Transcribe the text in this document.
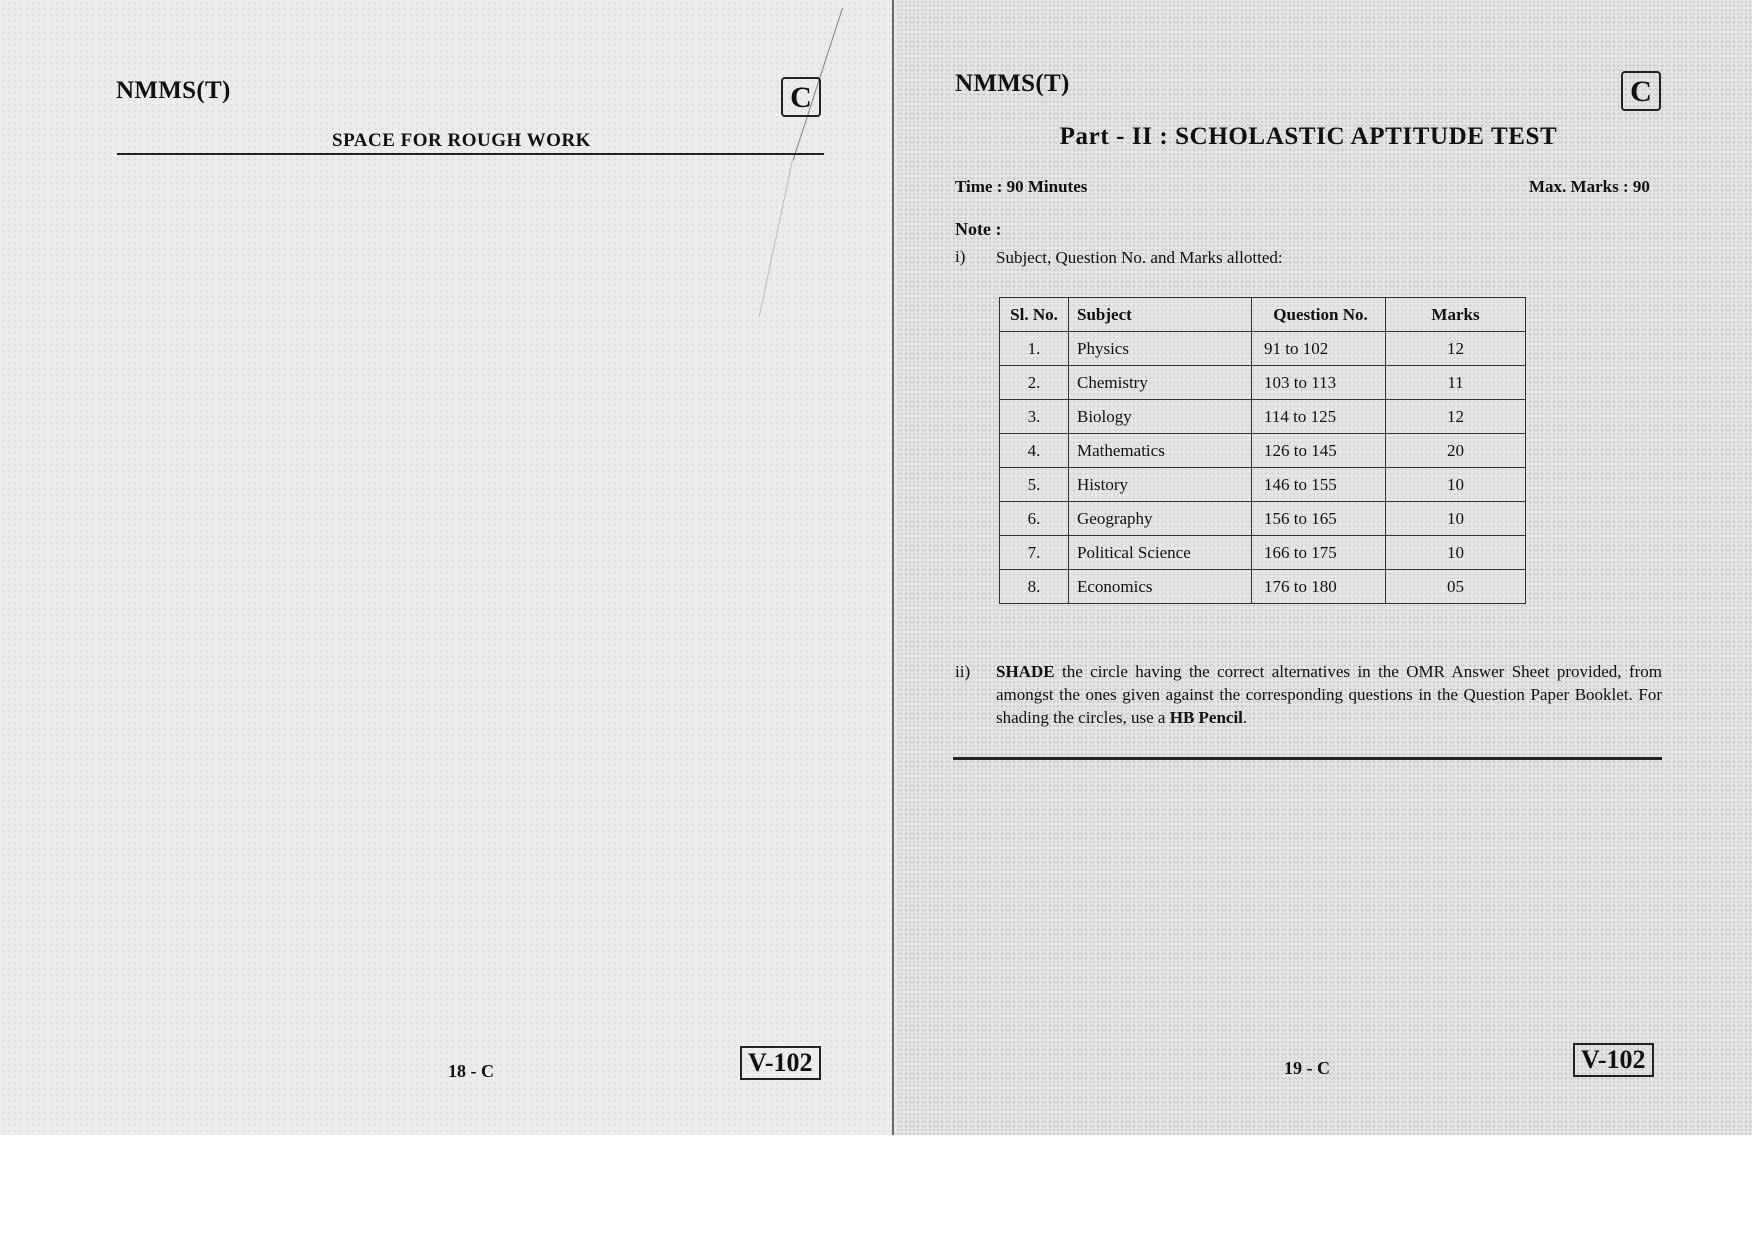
NMMS(T)	C
SPACE FOR ROUGH WORK
18 - C	V-102
NMMS(T)	C
Part - II : SCHOLASTIC APTITUDE TEST
Time : 90 Minutes	Max. Marks : 90
Note :
i) Subject, Question No. and Marks allotted:
Sl. No.	Subject	Question No.	Marks
1.	Physics	91 to 102	12
2.	Chemistry	103 to 113	11
3.	Biology	114 to 125	12
4.	Mathematics	126 to 145	20
5.	History	146 to 155	10
6.	Geography	156 to 165	10
7.	Political Science	166 to 175	10
8.	Economics	176 to 180	05
ii) SHADE the circle having the correct alternatives in the OMR Answer Sheet provided, from amongst the ones given against the corresponding questions in the Question Paper Booklet. For shading the circles, use a HB Pencil.
19 - C	V-102
